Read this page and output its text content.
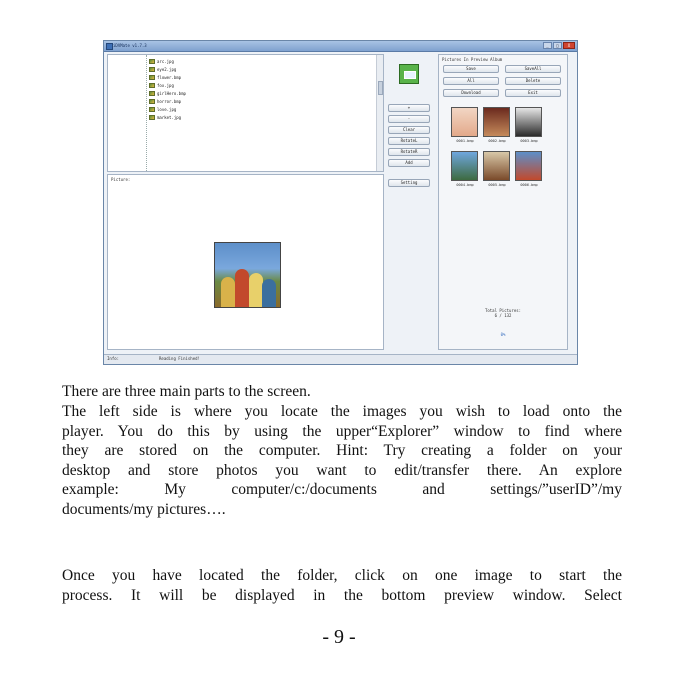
iDVMate v1.7.3	_	□	X
arc.jpg
eye2.jpg
flower.bmp
fox.jpg
girlHero.bmp
horror.bmp
love.jpg
market.jpg
Picture:
+
-
Clear
RotateL
RotateR
Add
Setting
Pictures In Preview Album
Save	SaveAll
All	Delete
Download	Exit
0001.bmp	0002.bmp	0003.bmp
0004.bmp	0005.bmp	0006.bmp
Total Pictures:
6 / 132
0%
Info:	Reading Finished!
There are three main parts to the screen.
The left side is where you locate the images you wish to load onto the
player. You do this by using the upper“Explorer” window to find where
they are stored on the computer. Hint: Try creating a folder on your
desktop and store photos you want to edit/transfer there. An explore
example: My computer/c:/documents and settings/”userID”/my
documents/my pictures….
Once you have located the folder, click on one image to start the
process. It will be displayed in the bottom preview window. Select
- 9 -
